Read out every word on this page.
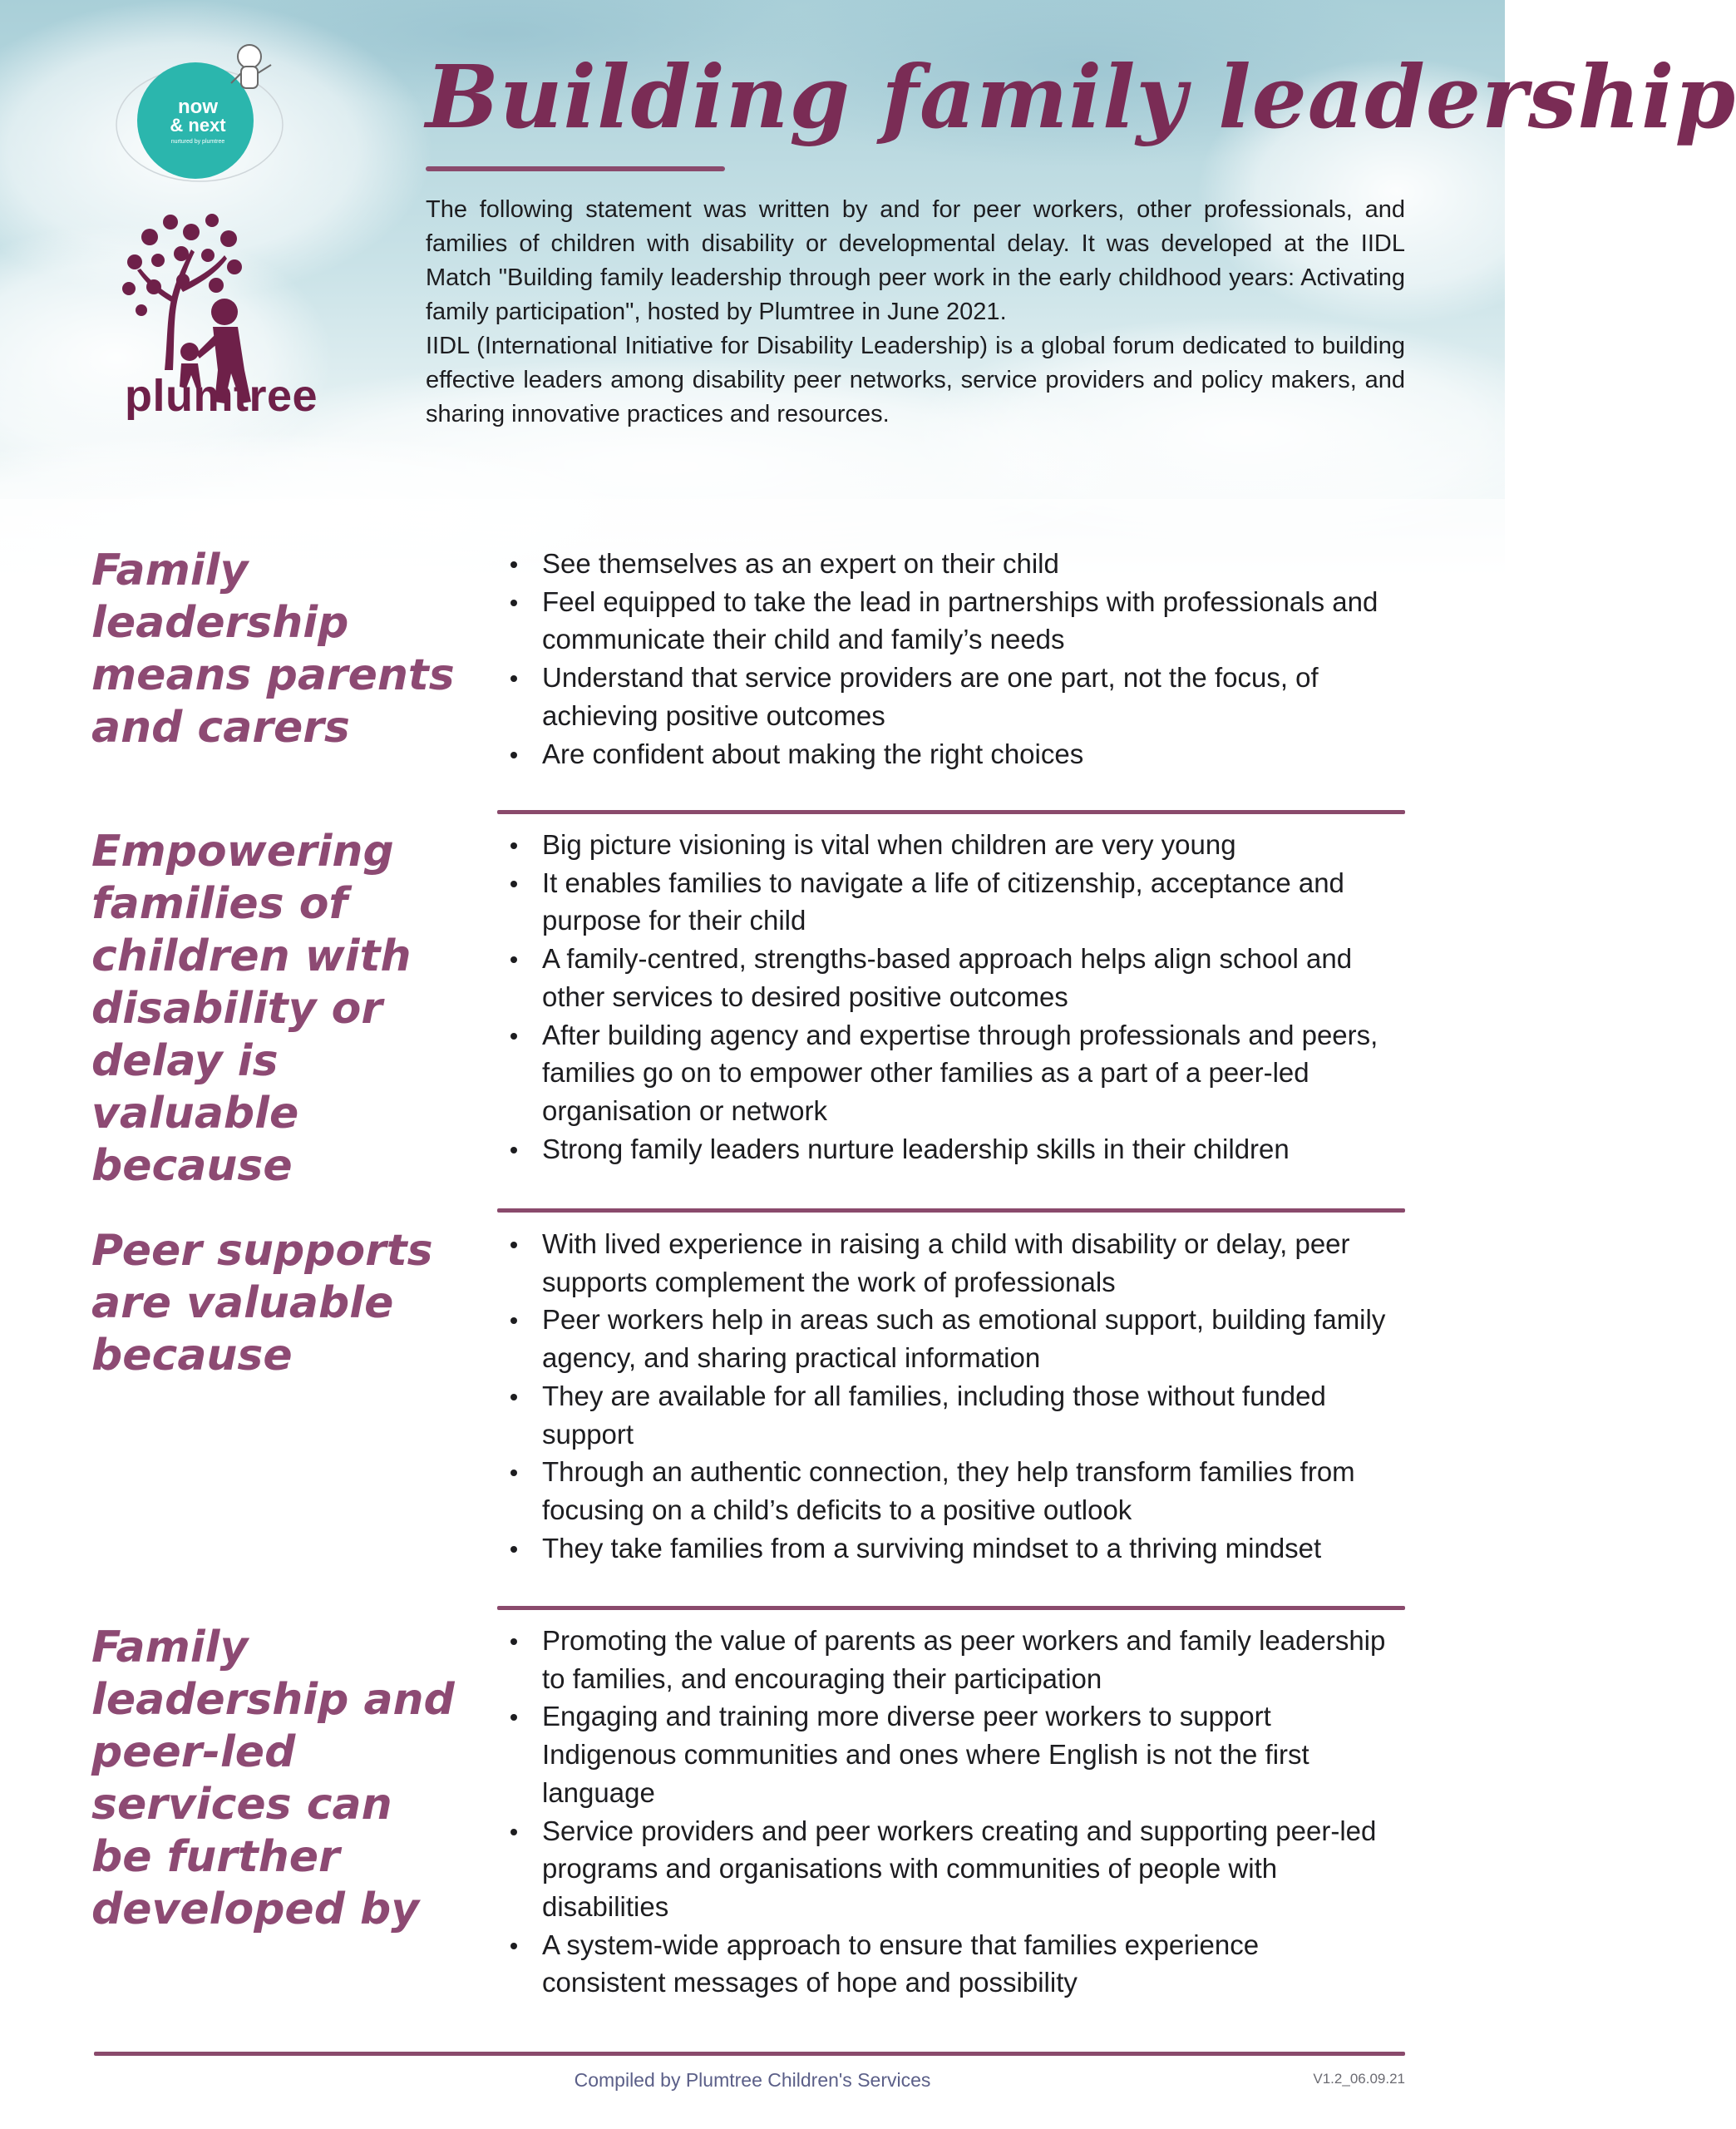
now
& next
nurtured by plumtree
plumtree
Building family leadership

The following statement was written by and for peer workers, other professionals, and families of children with disability or developmental delay. It was developed at the IIDL Match "Building family leadership through peer work in the early childhood years: Activating family participation", hosted by Plumtree in June 2021.

IIDL (International Initiative for Disability Leadership) is a global forum dedicated to building effective leaders among disability peer networks, service providers and policy makers, and sharing innovative practices and resources.

Family leadership means parents and carers
See themselves as an expert on their child
Feel equipped to take the lead in partnerships with professionals and communicate their child and family’s needs
Understand that service providers are one part, not the focus, of achieving positive outcomes
Are confident about making the right choices
Empowering families of children with disability or delay is valuable because
Big picture visioning is vital when children are very young
It enables families to navigate a life of citizenship, acceptance and purpose for their child
A family-centred, strengths-based approach helps align school and other services to desired positive outcomes
After building agency and expertise through professionals and peers, families go on to empower other families as a part of a peer-led organisation or network
Strong family leaders nurture leadership skills in their children
Peer supports are valuable because
With lived experience in raising a child with disability or delay, peer supports complement the work of professionals
Peer workers help in areas such as emotional support, building family agency, and sharing practical information
They are available for all families, including those without funded support
Through an authentic connection, they help transform families from focusing on a child’s deficits to a positive outlook
They take families from a surviving mindset to a thriving mindset
Family leadership and peer-led services can be further developed by
Promoting the value of parents as peer workers and family leadership to families, and encouraging their participation
Engaging and training more diverse peer workers to support Indigenous communities and ones where English is not the first language
Service providers and peer workers creating and supporting peer-led programs and organisations with communities of people with disabilities
A system-wide approach to ensure that families experience consistent messages of hope and possibility
Compiled by Plumtree Children's Services	V1.2_06.09.21
